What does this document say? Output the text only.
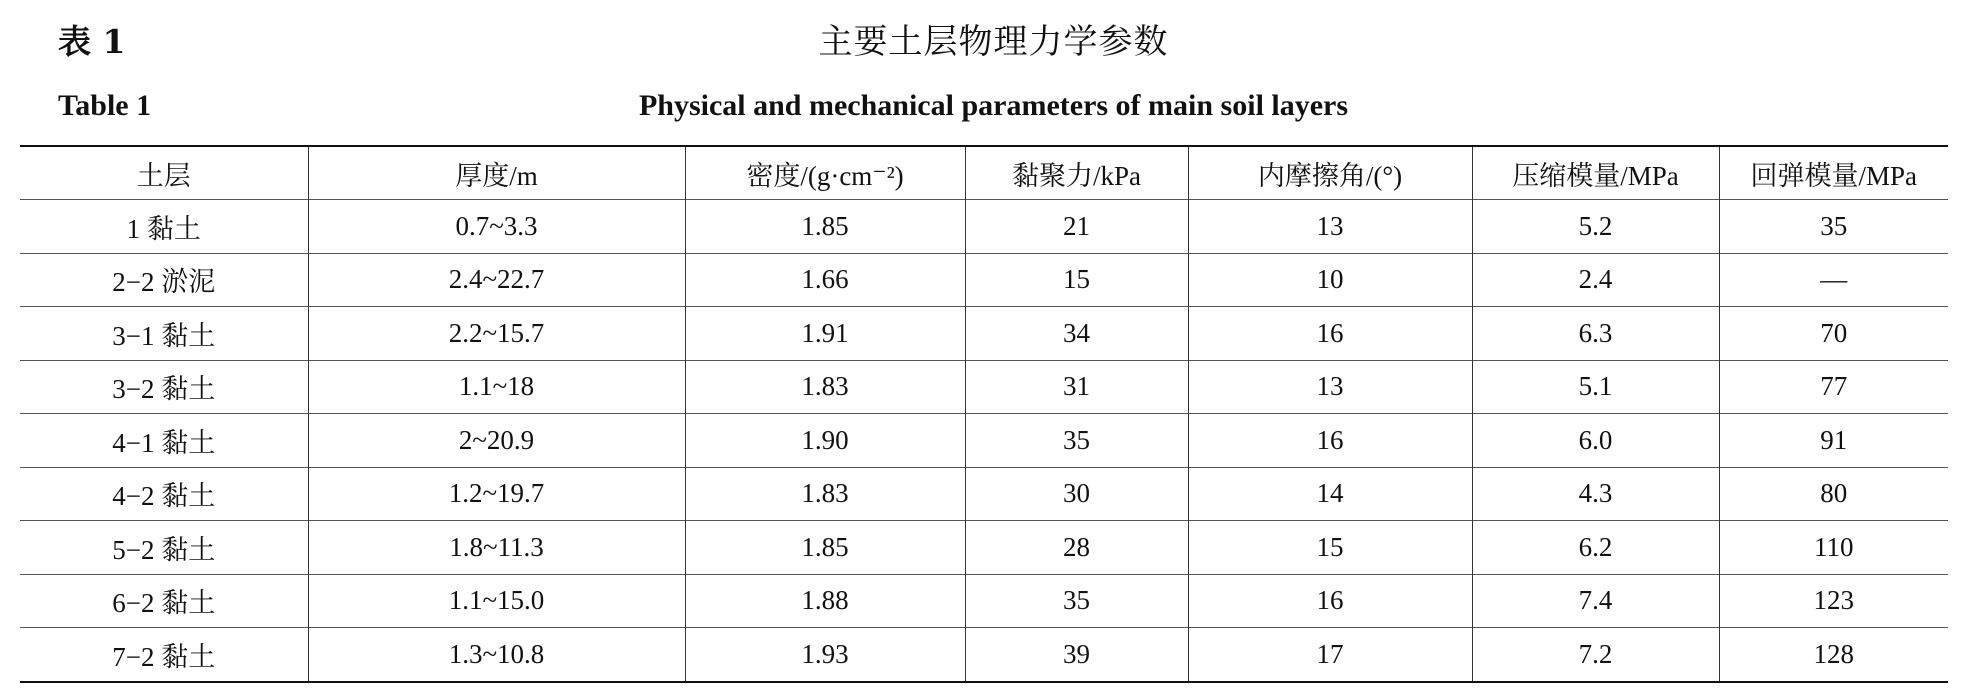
表 1	主要土层物理力学参数
Table 1	Physical and mechanical parameters of main soil layers
土层	厚度/m	密度/(g·cm⁻²)	黏聚力/kPa	内摩擦角/(°)	压缩模量/MPa	回弹模量/MPa
1 黏土	0.7~3.3	1.85	21	13	5.2	35
2−2 淤泥	2.4~22.7	1.66	15	10	2.4	—
3−1 黏土	2.2~15.7	1.91	34	16	6.3	70
3−2 黏土	1.1~18	1.83	31	13	5.1	77
4−1 黏土	2~20.9	1.90	35	16	6.0	91
4−2 黏土	1.2~19.7	1.83	30	14	4.3	80
5−2 黏土	1.8~11.3	1.85	28	15	6.2	110
6−2 黏土	1.1~15.0	1.88	35	16	7.4	123
7−2 黏土	1.3~10.8	1.93	39	17	7.2	128
